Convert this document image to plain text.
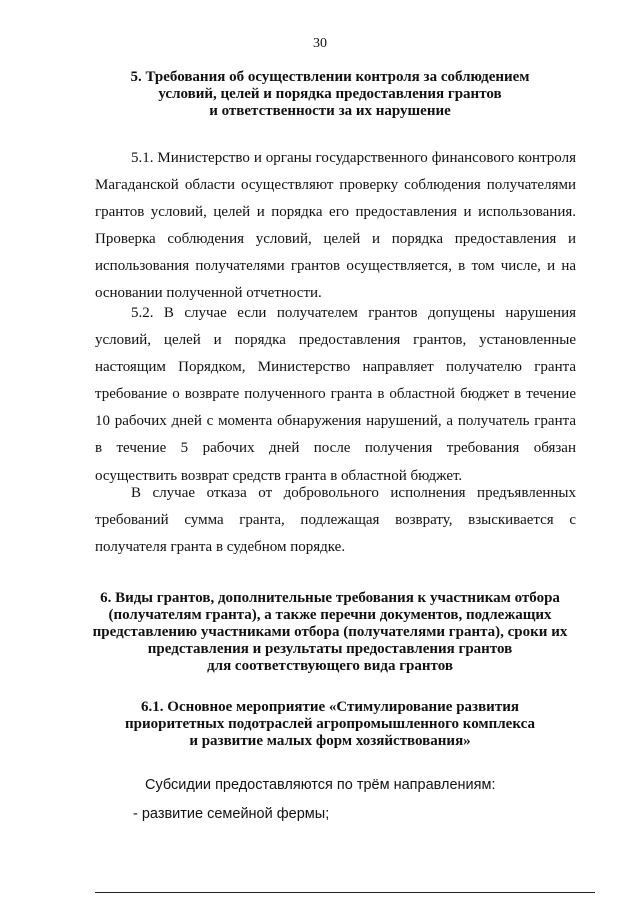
30
5. Требования об осуществлении контроля за соблюдением
условий, целей и порядка предоставления грантов
и ответственности за их нарушение

5.1. Министерство и органы государственного финансового контроля Магаданской области осуществляют проверку соблюдения получателями грантов условий, целей и порядка его предоставления и использования. Проверка соблюдения условий, целей и порядка предоставления и использования получателями грантов осуществляется, в том числе, и на основании полученной отчетности.

5.2. В случае если получателем грантов допущены нарушения условий, целей и порядка предоставления грантов, установленные настоящим Порядком, Министерство направляет получателю гранта требование о возврате полученного гранта в областной бюджет в течение 10 рабочих дней с момента обнаружения нарушений, а получатель гранта в течение 5 рабочих дней после получения требования обязан осуществить возврат средств гранта в областной бюджет.

В случае отказа от добровольного исполнения предъявленных требований сумма гранта, подлежащая возврату, взыскивается с получателя гранта в судебном порядке.

6. Виды грантов, дополнительные требования к участникам отбора
(получателям гранта), а также перечни документов, подлежащих
представлению участниками отбора (получателями гранта), сроки их
представления и результаты предоставления грантов
для соответствующего вида грантов
6.1. Основное мероприятие «Стимулирование развития
приоритетных подотраслей агропромышленного комплекса
и развитие малых форм хозяйствования»
Субсидии предоставляются по трём направлениям:
- развитие семейной фермы;
